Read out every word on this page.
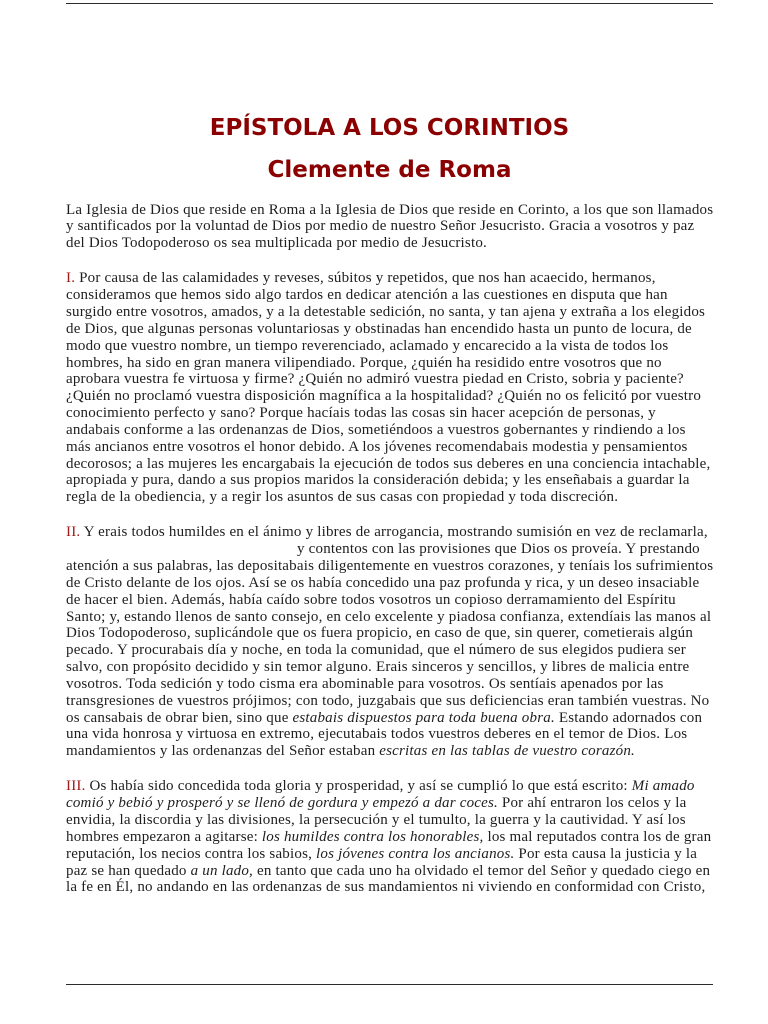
EPÍSTOLA A LOS CORINTIOS
Clemente de Roma
La Iglesia de Dios que reside en Roma a la Iglesia de Dios que reside en Corinto, a los que son llamados
y santificados por la voluntad de Dios por medio de nuestro Señor Jesucristo. Gracia a vosotros y paz
del Dios Todopoderoso os sea multiplicada por medio de Jesucristo.
I. Por causa de las calamidades y reveses, súbitos y repetidos, que nos han acaecido, hermanos,
consideramos que hemos sido algo tardos en dedicar atención a las cuestiones en disputa que han
surgido entre vosotros, amados, y a la detestable sedición, no santa, y tan ajena y extraña a los elegidos
de Dios, que algunas personas voluntariosas y obstinadas han encendido hasta un punto de locura, de
modo que vuestro nombre, un tiempo reverenciado, aclamado y encarecido a la vista de todos los
hombres, ha sido en gran manera vilipendiado. Porque, ¿quién ha residido entre vosotros que no
aprobara vuestra fe virtuosa y firme? ¿Quién no admiró vuestra piedad en Cristo, sobria y paciente?
¿Quién no proclamó vuestra disposición magnífica a la hospitalidad? ¿Quién no os felicitó por vuestro
conocimiento perfecto y sano? Porque hacíais todas las cosas sin hacer acepción de personas, y
andabais conforme a las ordenanzas de Dios, sometiéndoos a vuestros gobernantes y rindiendo a los
más ancianos entre vosotros el honor debido. A los jóvenes recomendabais modestia y pensamientos
decorosos; a las mujeres les encargabais la ejecución de todos sus deberes en una conciencia intachable,
apropiada y pura, dando a sus propios maridos la consideración debida; y les enseñabais a guardar la
regla de la obediencia, y a regir los asuntos de sus casas con propiedad y toda discreción.
II. Y erais todos humildes en el ánimo y libres de arrogancia, mostrando sumisión en vez de reclamarla,
y contentos con las provisiones que Dios os proveía. Y prestando
atención a sus palabras, las depositabais diligentemente en vuestros corazones, y teníais los sufrimientos
de Cristo delante de los ojos. Así se os había concedido una paz profunda y rica, y un deseo insaciable
de hacer el bien. Además, había caído sobre todos vosotros un copioso derramamiento del Espíritu
Santo; y, estando llenos de santo consejo, en celo excelente y piadosa confianza, extendíais las manos al
Dios Todopoderoso, suplicándole que os fuera propicio, en caso de que, sin querer, cometierais algún
pecado. Y procurabais día y noche, en toda la comunidad, que el número de sus elegidos pudiera ser
salvo, con propósito decidido y sin temor alguno. Erais sinceros y sencillos, y libres de malicia entre
vosotros. Toda sedición y todo cisma era abominable para vosotros. Os sentíais apenados por las
transgresiones de vuestros prójimos; con todo, juzgabais que sus deficiencias eran también vuestras. No
os cansabais de obrar bien, sino que estabais dispuestos para toda buena obra. Estando adornados con
una vida honrosa y virtuosa en extremo, ejecutabais todos vuestros deberes en el temor de Dios. Los
mandamientos y las ordenanzas del Señor estaban escritas en las tablas de vuestro corazón.
III. Os había sido concedida toda gloria y prosperidad, y así se cumplió lo que está escrito: Mi amado
comió y bebió y prosperó y se llenó de gordura y empezó a dar coces. Por ahí entraron los celos y la
envidia, la discordia y las divisiones, la persecución y el tumulto, la guerra y la cautividad. Y así los
hombres empezaron a agitarse: los humildes contra los honorables, los mal reputados contra los de gran
reputación, los necios contra los sabios, los jóvenes contra los ancianos. Por esta causa la justicia y la
paz se han quedado a un lado, en tanto que cada uno ha olvidado el temor del Señor y quedado ciego en
la fe en Él, no andando en las ordenanzas de sus mandamientos ni viviendo en conformidad con Cristo,
